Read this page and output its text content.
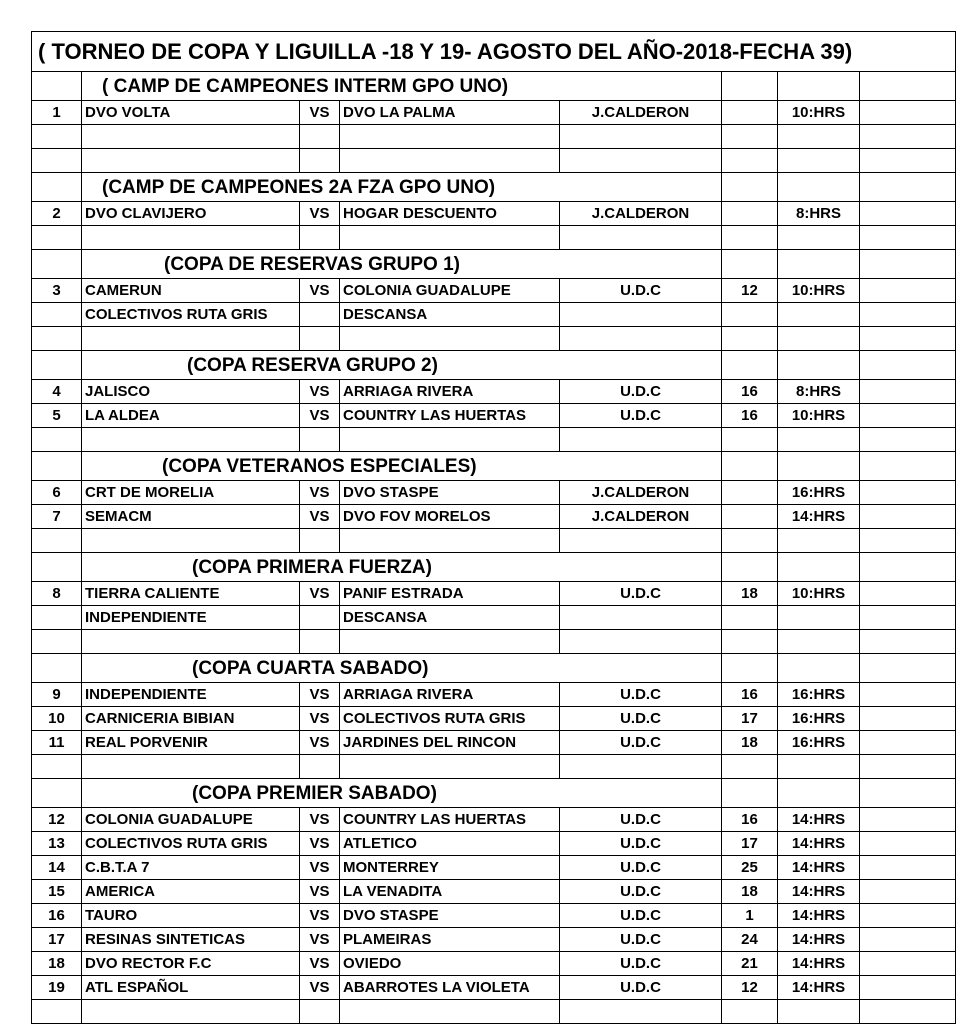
( TORNEO DE COPA Y LIGUILLA -18 Y 19- AGOSTO DEL AÑO-2018-FECHA 39)							
	( CAMP DE CAMPEONES INTERM GPO UNO)						
1	DVO VOLTA	VS	DVO LA PALMA	J.CALDERON		10:HRS	

	(CAMP DE CAMPEONES 2A FZA GPO UNO)						
2	DVO CLAVIJERO	VS	HOGAR DESCUENTO	J.CALDERON		8:HRS	

	(COPA DE RESERVAS GRUPO 1)						
3	CAMERUN	VS	COLONIA GUADALUPE	U.D.C	12	10:HRS	
	COLECTIVOS RUTA GRIS		DESCANSA				

	(COPA RESERVA GRUPO 2)						
4	JALISCO	VS	ARRIAGA RIVERA	U.D.C	16	8:HRS	
5	LA ALDEA	VS	COUNTRY LAS HUERTAS	U.D.C	16	10:HRS	

	(COPA VETERANOS ESPECIALES)						
6	CRT DE MORELIA	VS	DVO STASPE	J.CALDERON		16:HRS	
7	SEMACM	VS	DVO FOV MORELOS	J.CALDERON		14:HRS	

	(COPA PRIMERA FUERZA)						
8	TIERRA CALIENTE	VS	PANIF ESTRADA	U.D.C	18	10:HRS	
	INDEPENDIENTE		DESCANSA				

	(COPA CUARTA SABADO)						
9	INDEPENDIENTE	VS	ARRIAGA RIVERA	U.D.C	16	16:HRS	
10	CARNICERIA BIBIAN	VS	COLECTIVOS RUTA GRIS	U.D.C	17	16:HRS	
11	REAL PORVENIR	VS	JARDINES DEL RINCON	U.D.C	18	16:HRS	

	(COPA PREMIER SABADO)						
12	COLONIA GUADALUPE	VS	COUNTRY LAS HUERTAS	U.D.C	16	14:HRS	
13	COLECTIVOS RUTA GRIS	VS	ATLETICO	U.D.C	17	14:HRS	
14	C.B.T.A 7	VS	MONTERREY	U.D.C	25	14:HRS	
15	AMERICA	VS	LA VENADITA	U.D.C	18	14:HRS	
16	TAURO	VS	DVO STASPE	U.D.C	1	14:HRS	
17	RESINAS SINTETICAS	VS	PLAMEIRAS	U.D.C	24	14:HRS	
18	DVO RECTOR F.C	VS	OVIEDO	U.D.C	21	14:HRS	
19	ATL ESPAÑOL	VS	ABARROTES LA VIOLETA	U.D.C	12	14:HRS	
